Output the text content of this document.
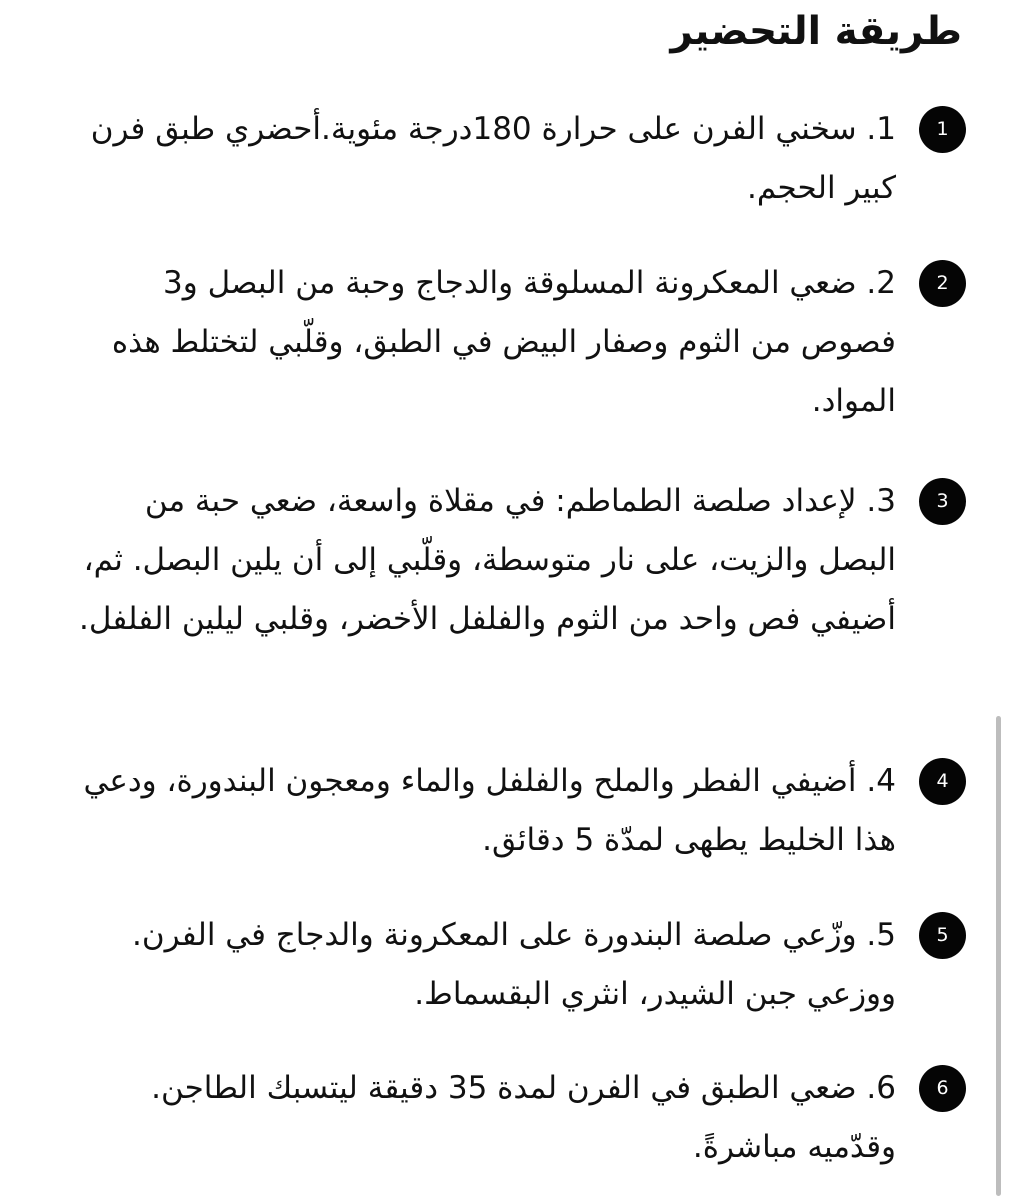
طريقة التحضير
1

1. سخني الفرن على حرارة 180درجة مئوية.أحضري طبق فرن كبير الحجم.

2

2. ضعي المعكرونة المسلوقة والدجاج وحبة من البصل و3 فصوص من الثوم وصفار البيض في الطبق، وقلّبي لتختلط هذه المواد.

3

3. لإعداد صلصة الطماطم: في مقلاة واسعة، ضعي حبة من البصل والزيت، على نار متوسطة، وقلّبي إلى أن يلين البصل. ثم، أضيفي فص واحد من الثوم والفلفل الأخضر، وقلبي ليلين الفلفل.

4

4. أضيفي الفطر والملح والفلفل والماء ومعجون البندورة، ودعي هذا الخليط يطهى لمدّة 5 دقائق.

5

5. وزّعي صلصة البندورة على المعكرونة والدجاج في الفرن. ووزعي جبن الشيدر، انثري البقسماط.

6

6. ضعي الطبق في الفرن لمدة 35 دقيقة ليتسبك الطاجن. وقدّميه مباشرةً.
